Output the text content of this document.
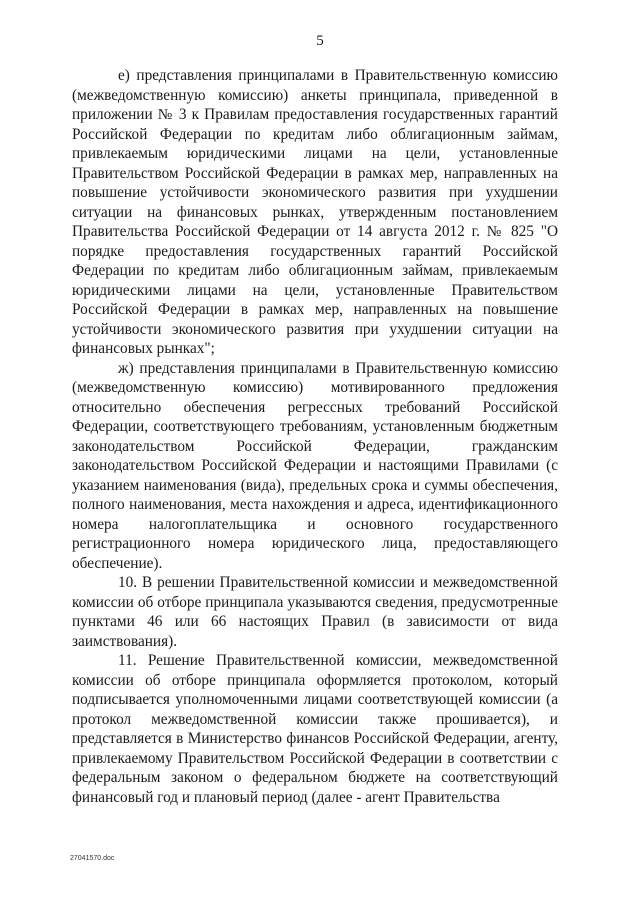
5

е) представления принципалами в Правительственную комиссию (межведомственную комиссию) анкеты принципала, приведенной в приложении № 3 к Правилам предоставления государственных гарантий Российской Федерации по кредитам либо облигационным займам, привлекаемым юридическими лицами на цели, установленные Правительством Российской Федерации в рамках мер, направленных на повышение устойчивости экономического развития при ухудшении ситуации на финансовых рынках, утвержденным постановлением Правительства Российской Федерации от 14 августа 2012 г. № 825 "О порядке предоставления государственных гарантий Российской Федерации по кредитам либо облигационным займам, привлекаемым юридическими лицами на цели, установленные Правительством Российской Федерации в рамках мер, направленных на повышение устойчивости экономического развития при ухудшении ситуации на финансовых рынках";

ж) представления принципалами в Правительственную комиссию (межведомственную комиссию) мотивированного предложения относительно обеспечения регрессных требований Российской Федерации, соответствующего требованиям, установленным бюджетным законодательством Российской Федерации, гражданским законодательством Российской Федерации и настоящими Правилами (с указанием наименования (вида), предельных срока и суммы обеспечения, полного наименования, места нахождения и адреса, идентификационного номера налогоплательщика и основного государственного регистрационного номера юридического лица, предоставляющего обеспечение).

10. В решении Правительственной комиссии и межведомственной комиссии об отборе принципала указываются сведения, предусмотренные пунктами 46 или 66 настоящих Правил (в зависимости от вида заимствования).

11. Решение Правительственной комиссии, межведомственной комиссии об отборе принципала оформляется протоколом, который подписывается уполномоченными лицами соответствующей комиссии (а протокол межведомственной комиссии также прошивается), и представляется в Министерство финансов Российской Федерации, агенту, привлекаемому Правительством Российской Федерации в соответствии с федеральным законом о федеральном бюджете на соответствующий финансовый год и плановый период (далее - агент Правительства

27041570.doc
